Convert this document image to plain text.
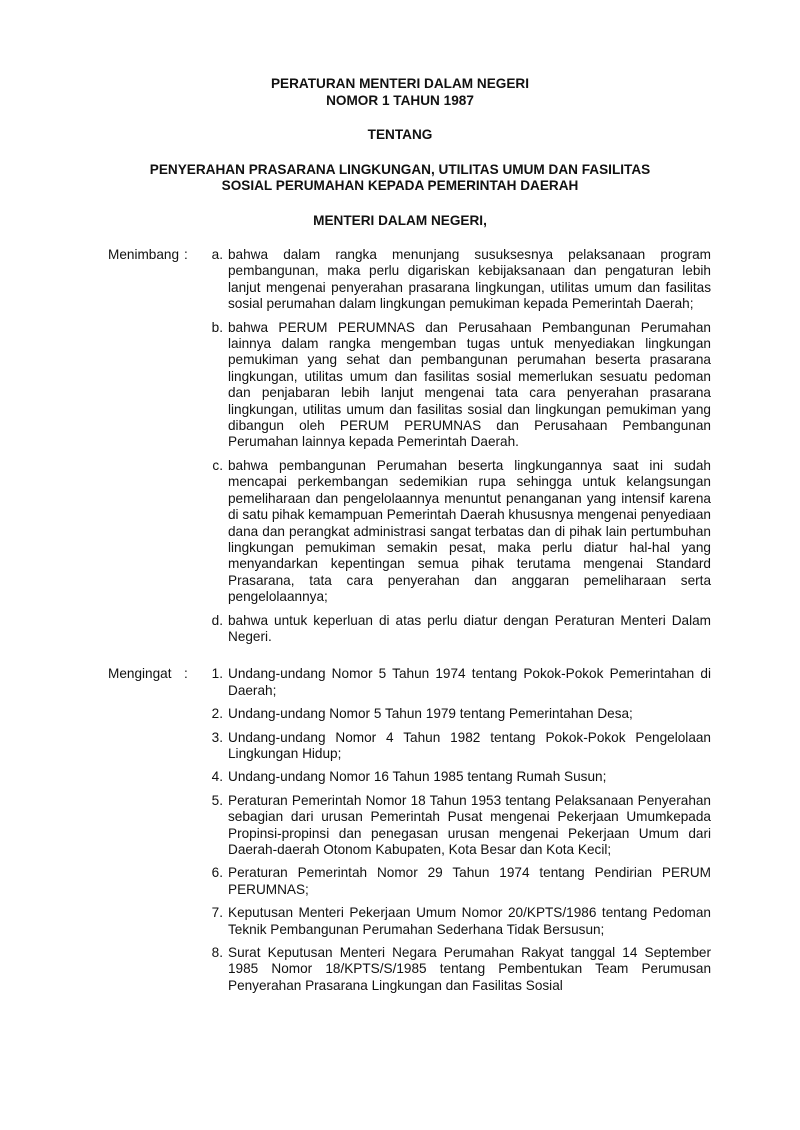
PERATURAN MENTERI DALAM NEGERI
NOMOR 1 TAHUN 1987
TENTANG
PENYERAHAN PRASARANA LINGKUNGAN, UTILITAS UMUM DAN FASILITAS
SOSIAL PERUMAHAN KEPADA PEMERINTAH DAERAH
MENTERI DALAM NEGERI,
Menimbang :	a. bahwa dalam rangka menunjang susuksesnya pelaksanaan program pembangunan, maka perlu digariskan kebijaksanaan dan pengaturan lebih lanjut mengenai penyerahan prasarana lingkungan, utilitas umum dan fasilitas sosial perumahan dalam lingkungan pemukiman kepada Pemerintah Daerah;
b. bahwa PERUM PERUMNAS dan Perusahaan Pembangunan Perumahan lainnya dalam rangka mengemban tugas untuk menyediakan lingkungan pemukiman yang sehat dan pembangunan perumahan beserta prasarana lingkungan, utilitas umum dan fasilitas sosial memerlukan sesuatu pedoman dan penjabaran lebih lanjut mengenai tata cara penyerahan prasarana lingkungan, utilitas umum dan fasilitas sosial dan lingkungan pemukiman yang dibangun oleh PERUM PERUMNAS dan Perusahaan Pembangunan Perumahan lainnya kepada Pemerintah Daerah.
c. bahwa pembangunan Perumahan beserta lingkungannya saat ini sudah mencapai perkembangan sedemikian rupa sehingga untuk kelangsungan pemeliharaan dan pengelolaannya menuntut penanganan yang intensif karena di satu pihak kemampuan Pemerintah Daerah khususnya mengenai penyediaan dana dan perangkat administrasi sangat terbatas dan di pihak lain pertumbuhan lingkungan pemukiman semakin pesat, maka perlu diatur hal-hal yang menyandarkan kepentingan semua pihak terutama mengenai Standard Prasarana, tata cara penyerahan dan anggaran pemeliharaan serta pengelolaannya;
d. bahwa untuk keperluan di atas perlu diatur dengan Peraturan Menteri Dalam Negeri.
Mengingat :	1. Undang-undang Nomor 5 Tahun 1974 tentang Pokok-Pokok Pemerintahan di Daerah;
2. Undang-undang Nomor 5 Tahun 1979 tentang Pemerintahan Desa;
3. Undang-undang Nomor 4 Tahun 1982 tentang Pokok-Pokok Pengelolaan Lingkungan Hidup;
4. Undang-undang Nomor 16 Tahun 1985 tentang Rumah Susun;
5. Peraturan Pemerintah Nomor 18 Tahun 1953 tentang Pelaksanaan Penyerahan sebagian dari urusan Pemerintah Pusat mengenai Pekerjaan Umumkepada Propinsi-propinsi dan penegasan urusan mengenai Pekerjaan Umum dari Daerah-daerah Otonom Kabupaten, Kota Besar dan Kota Kecil;
6. Peraturan Pemerintah Nomor 29 Tahun 1974 tentang Pendirian PERUM PERUMNAS;
7. Keputusan Menteri Pekerjaan Umum Nomor 20/KPTS/1986 tentang Pedoman Teknik Pembangunan Perumahan Sederhana Tidak Bersusun;
8. Surat Keputusan Menteri Negara Perumahan Rakyat tanggal 14 September 1985 Nomor 18/KPTS/S/1985 tentang Pembentukan Team Perumusan Penyerahan Prasarana Lingkungan dan Fasilitas Sosial
